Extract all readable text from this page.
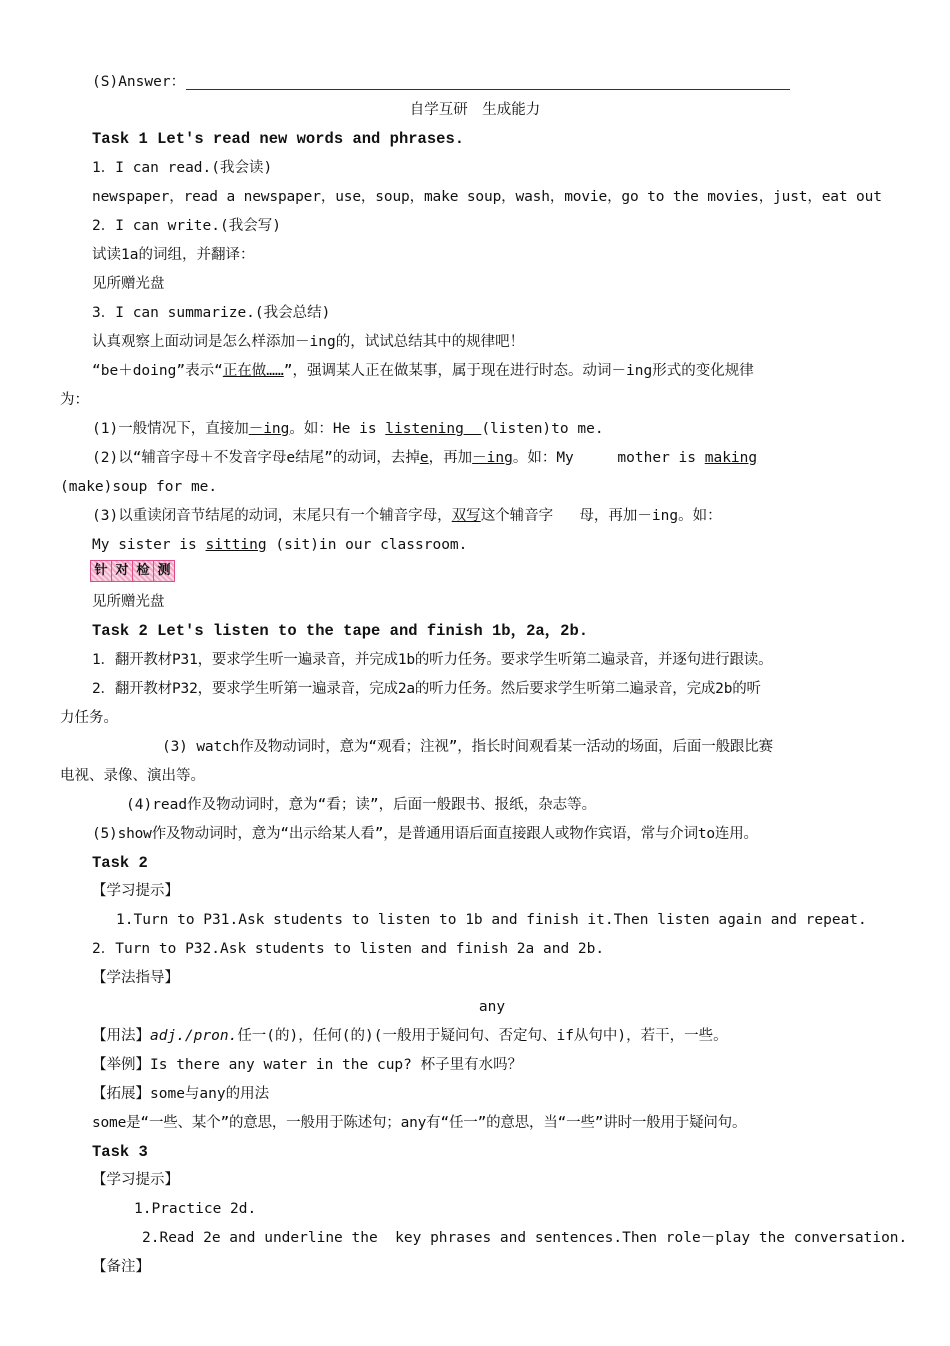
(S)Answer：
自学互研　生成能力
Task 1 Let's read new words and phrases.
1．I can read.(我会读)
newspaper，read a newspaper，use，soup，make soup，wash，movie，go to the movies，just，eat out
2．I can write.(我会写)
试读1a的词组，并翻译：
见所赠光盘
3．I can summarize.(我会总结)
认真观察上面动词是怎么样添加－ing的，试试总结其中的规律吧！
“be＋doing”表示“正在做……”，强调某人正在做某事，属于现在进行时态。动词－ing形式的变化规律
为：
(1)一般情况下，直接加－ing。如：He is listening  (listen)to me.
(2)以“辅音字母＋不发音字母e结尾”的动词，去掉e，再加－ing。如：My     mother is making
(make)soup for me.
(3)以重读闭音节结尾的动词，末尾只有一个辅音字母，双写这个辅音字   母，再加－ing。如：
My sister is sitting (sit)in our classroom.
针 对 检 测
见所赠光盘
Task 2 Let's listen to the tape and finish 1b，2a，2b.
1．翻开教材P31，要求学生听一遍录音，并完成1b的听力任务。要求学生听第二遍录音，并逐句进行跟读。
2．翻开教材P32，要求学生听第一遍录音，完成2a的听力任务。然后要求学生听第二遍录音，完成2b的听
力任务。
(3) watch作及物动词时，意为“观看；注视”，指长时间观看某一活动的场面，后面一般跟比赛
电视、录像、演出等。
(4)read作及物动词时，意为“看；读”，后面一般跟书、报纸，杂志等。
(5)show作及物动词时，意为“出示给某人看”，是普通用语后面直接跟人或物作宾语，常与介词to连用。
Task 2
【学习提示】
1.Turn to P31.Ask students to listen to 1b and finish it.Then listen again and repeat.
2．Turn to P32.Ask students to listen and finish 2a and 2b.
【学法指导】
any
【用法】adj./pron.任一(的)，任何(的)(一般用于疑问句、否定句、if从句中)，若干，一些。
【举例】Is there any water in the cup? 杯子里有水吗？
【拓展】some与any的用法
some是“一些、某个”的意思，一般用于陈述句；any有“任一”的意思，当“一些”讲时一般用于疑问句。
Task 3
【学习提示】
1.Practice 2d.
2.Read 2e and underline the  key phrases and sentences.Then role－play the conversation.
【备注】
